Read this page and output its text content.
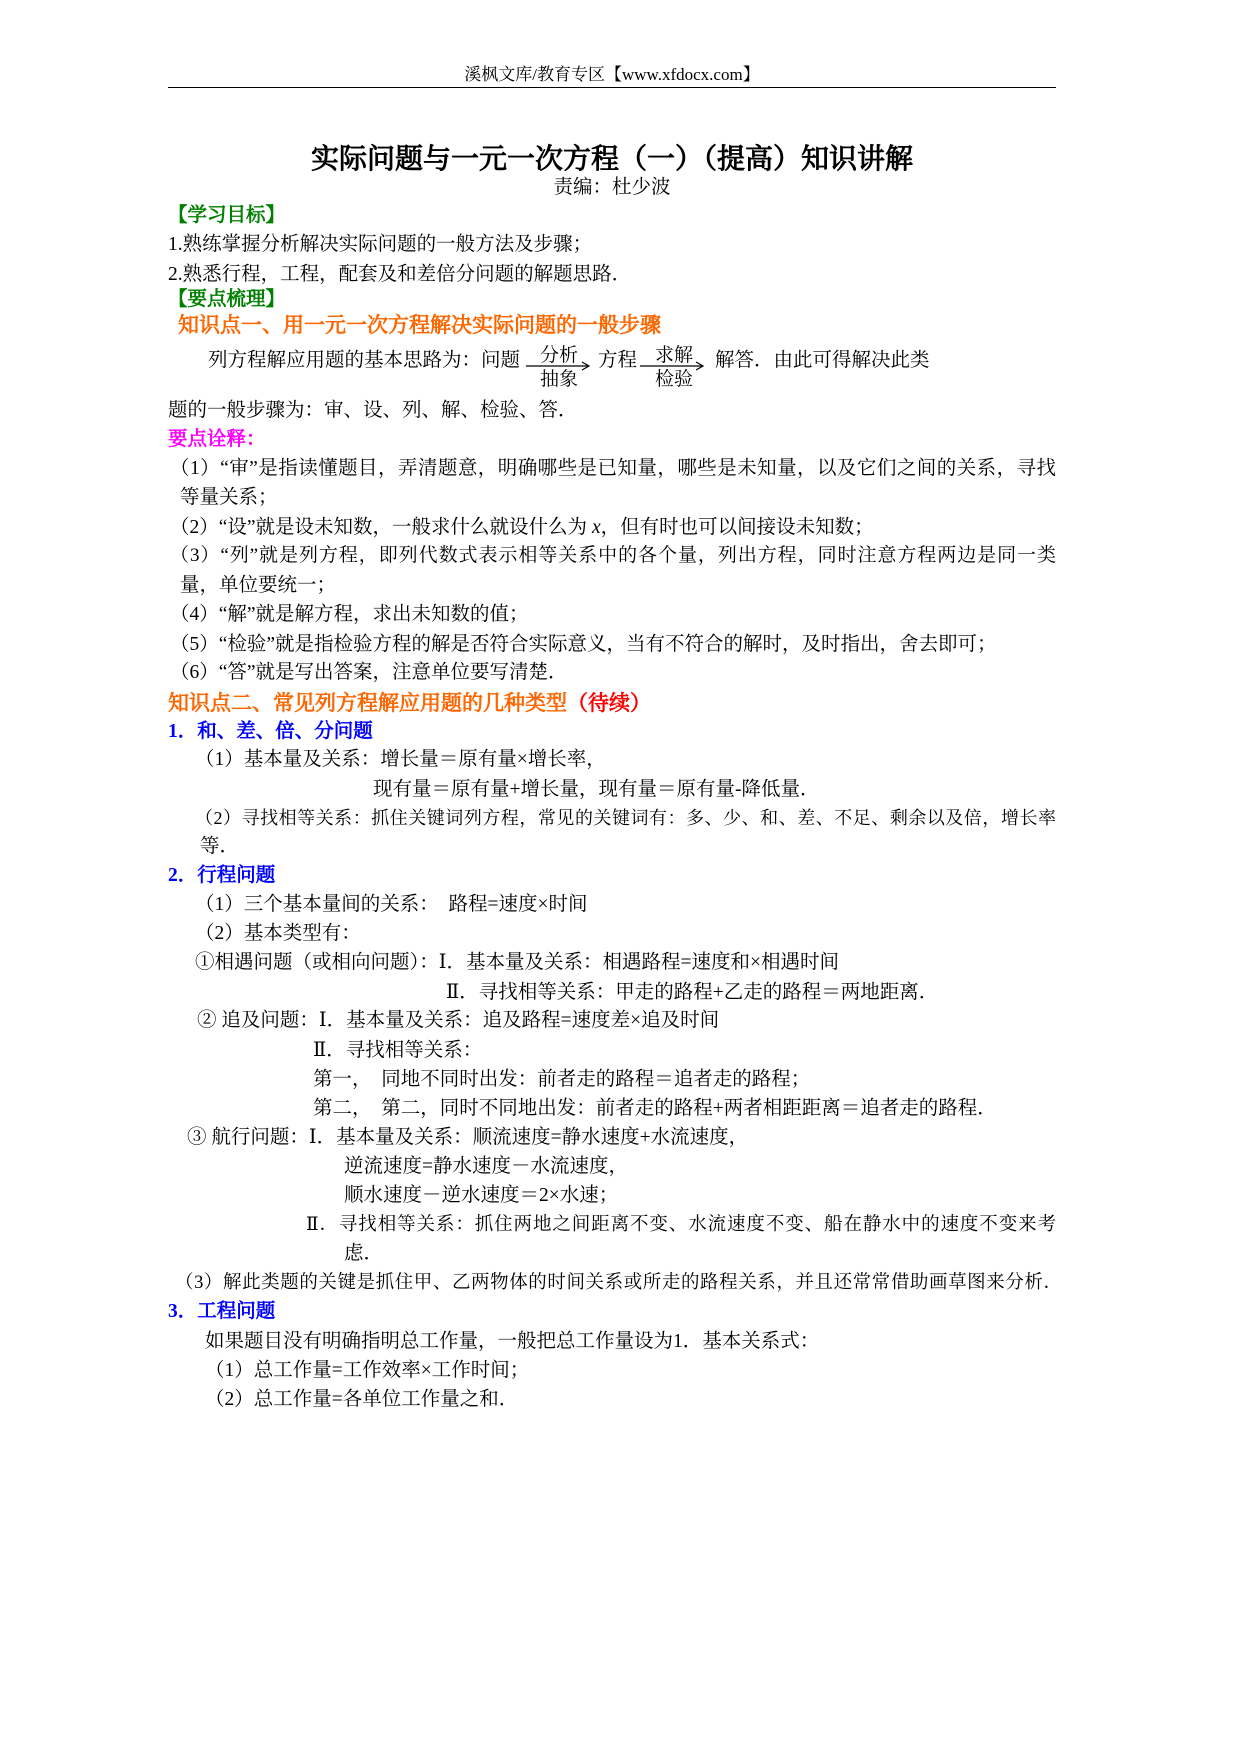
溪枫文库/教育专区【www.xfdocx.com】
实际问题与一元一次方程（一）（提高）知识讲解
责编：杜少波
【学习目标】
1.熟练掌握分析解决实际问题的一般方法及步骤；
2.熟悉行程，工程，配套及和差倍分问题的解题思路．
【要点梳理】
知识点一、用一元一次方程解决实际问题的一般步骤
列方程解应用题的基本思路为：问题 分析
抽象
方程 求解
检验
解答．由此可得解决此类
题的一般步骤为：审、设、列、解、检验、答．
要点诠释：
（1）“审”是指读懂题目，弄清题意，明确哪些是已知量，哪些是未知量，以及它们之间的关系，寻找
等量关系；
（2）“设”就是设未知数，一般求什么就设什么为 x，但有时也可以间接设未知数；
（3）“列”就是列方程，即列代数式表示相等关系中的各个量，列出方程，同时注意方程两边是同一类
量，单位要统一；
（4）“解”就是解方程，求出未知数的值；
（5）“检验”就是指检验方程的解是否符合实际意义，当有不符合的解时，及时指出，舍去即可；
（6）“答”就是写出答案，注意单位要写清楚．
知识点二、常见列方程解应用题的几种类型（待续）
1．和、差、倍、分问题
（1）基本量及关系：增长量＝原有量×增长率，
现有量＝原有量+增长量，现有量＝原有量-降低量．
（2）寻找相等关系：抓住关键词列方程，常见的关键词有：多、少、和、差、不足、剩余以及倍，增长率
等．
2．行程问题
（1）三个基本量间的关系：  路程=速度×时间
（2）基本类型有：
①相遇问题（或相向问题）：Ⅰ．基本量及关系：相遇路程=速度和×相遇时间
Ⅱ．寻找相等关系：甲走的路程+乙走的路程＝两地距离．
② 追及问题：Ⅰ．基本量及关系：追及路程=速度差×追及时间
Ⅱ．寻找相等关系：
第一，  同地不同时出发：前者走的路程＝追者走的路程；
第二，  第二，同时不同地出发：前者走的路程+两者相距距离＝追者走的路程．
③ 航行问题：Ⅰ．基本量及关系：顺流速度=静水速度+水流速度，
逆流速度=静水速度－水流速度，
顺水速度－逆水速度＝2×水速；
Ⅱ．寻找相等关系：抓住两地之间距离不变、水流速度不变、船在静水中的速度不变来考
虑．
（3）解此类题的关键是抓住甲、乙两物体的时间关系或所走的路程关系，并且还常常借助画草图来分析．
3．工程问题
如果题目没有明确指明总工作量，一般把总工作量设为1．基本关系式：
（1）总工作量=工作效率×工作时间；
（2）总工作量=各单位工作量之和．
